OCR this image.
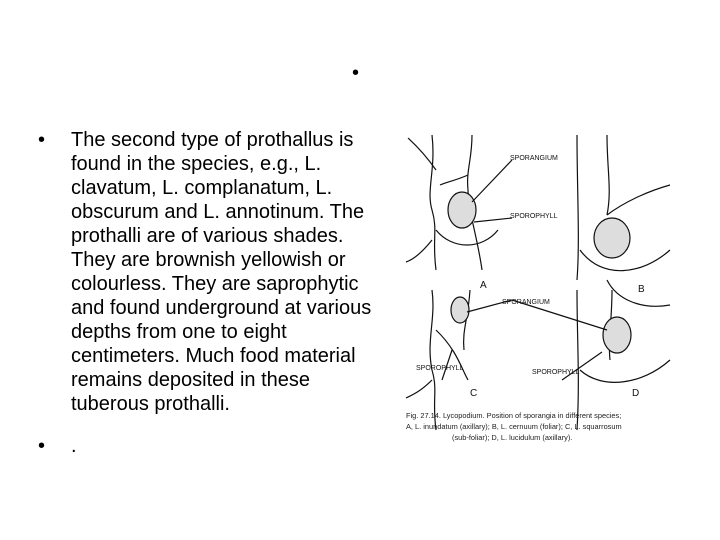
•
• The second type of prothallus is found in the species, e.g., L. clavatum, L. complanatum, L. obscurum and L. annotinum. The prothalli are of various shades. They are brownish yellowish or colourless. They are saprophytic and found underground at various depths from one to eight centimeters. Much food material remains deposited in these tuberous prothalli.
• .
SPORANGIUM
SPOROPHYLL
SPORANGIUM
SPOROPHYLL
SPOROPHYLL
A	B
C	D
Fig. 27.14. Lycopodium. Position of sporangia in different species;
A, L. inundatum (axillary); B, L. cernuum (foliar); C, L. squarrosum
(sub-foliar); D, L. lucidulum (axillary).
